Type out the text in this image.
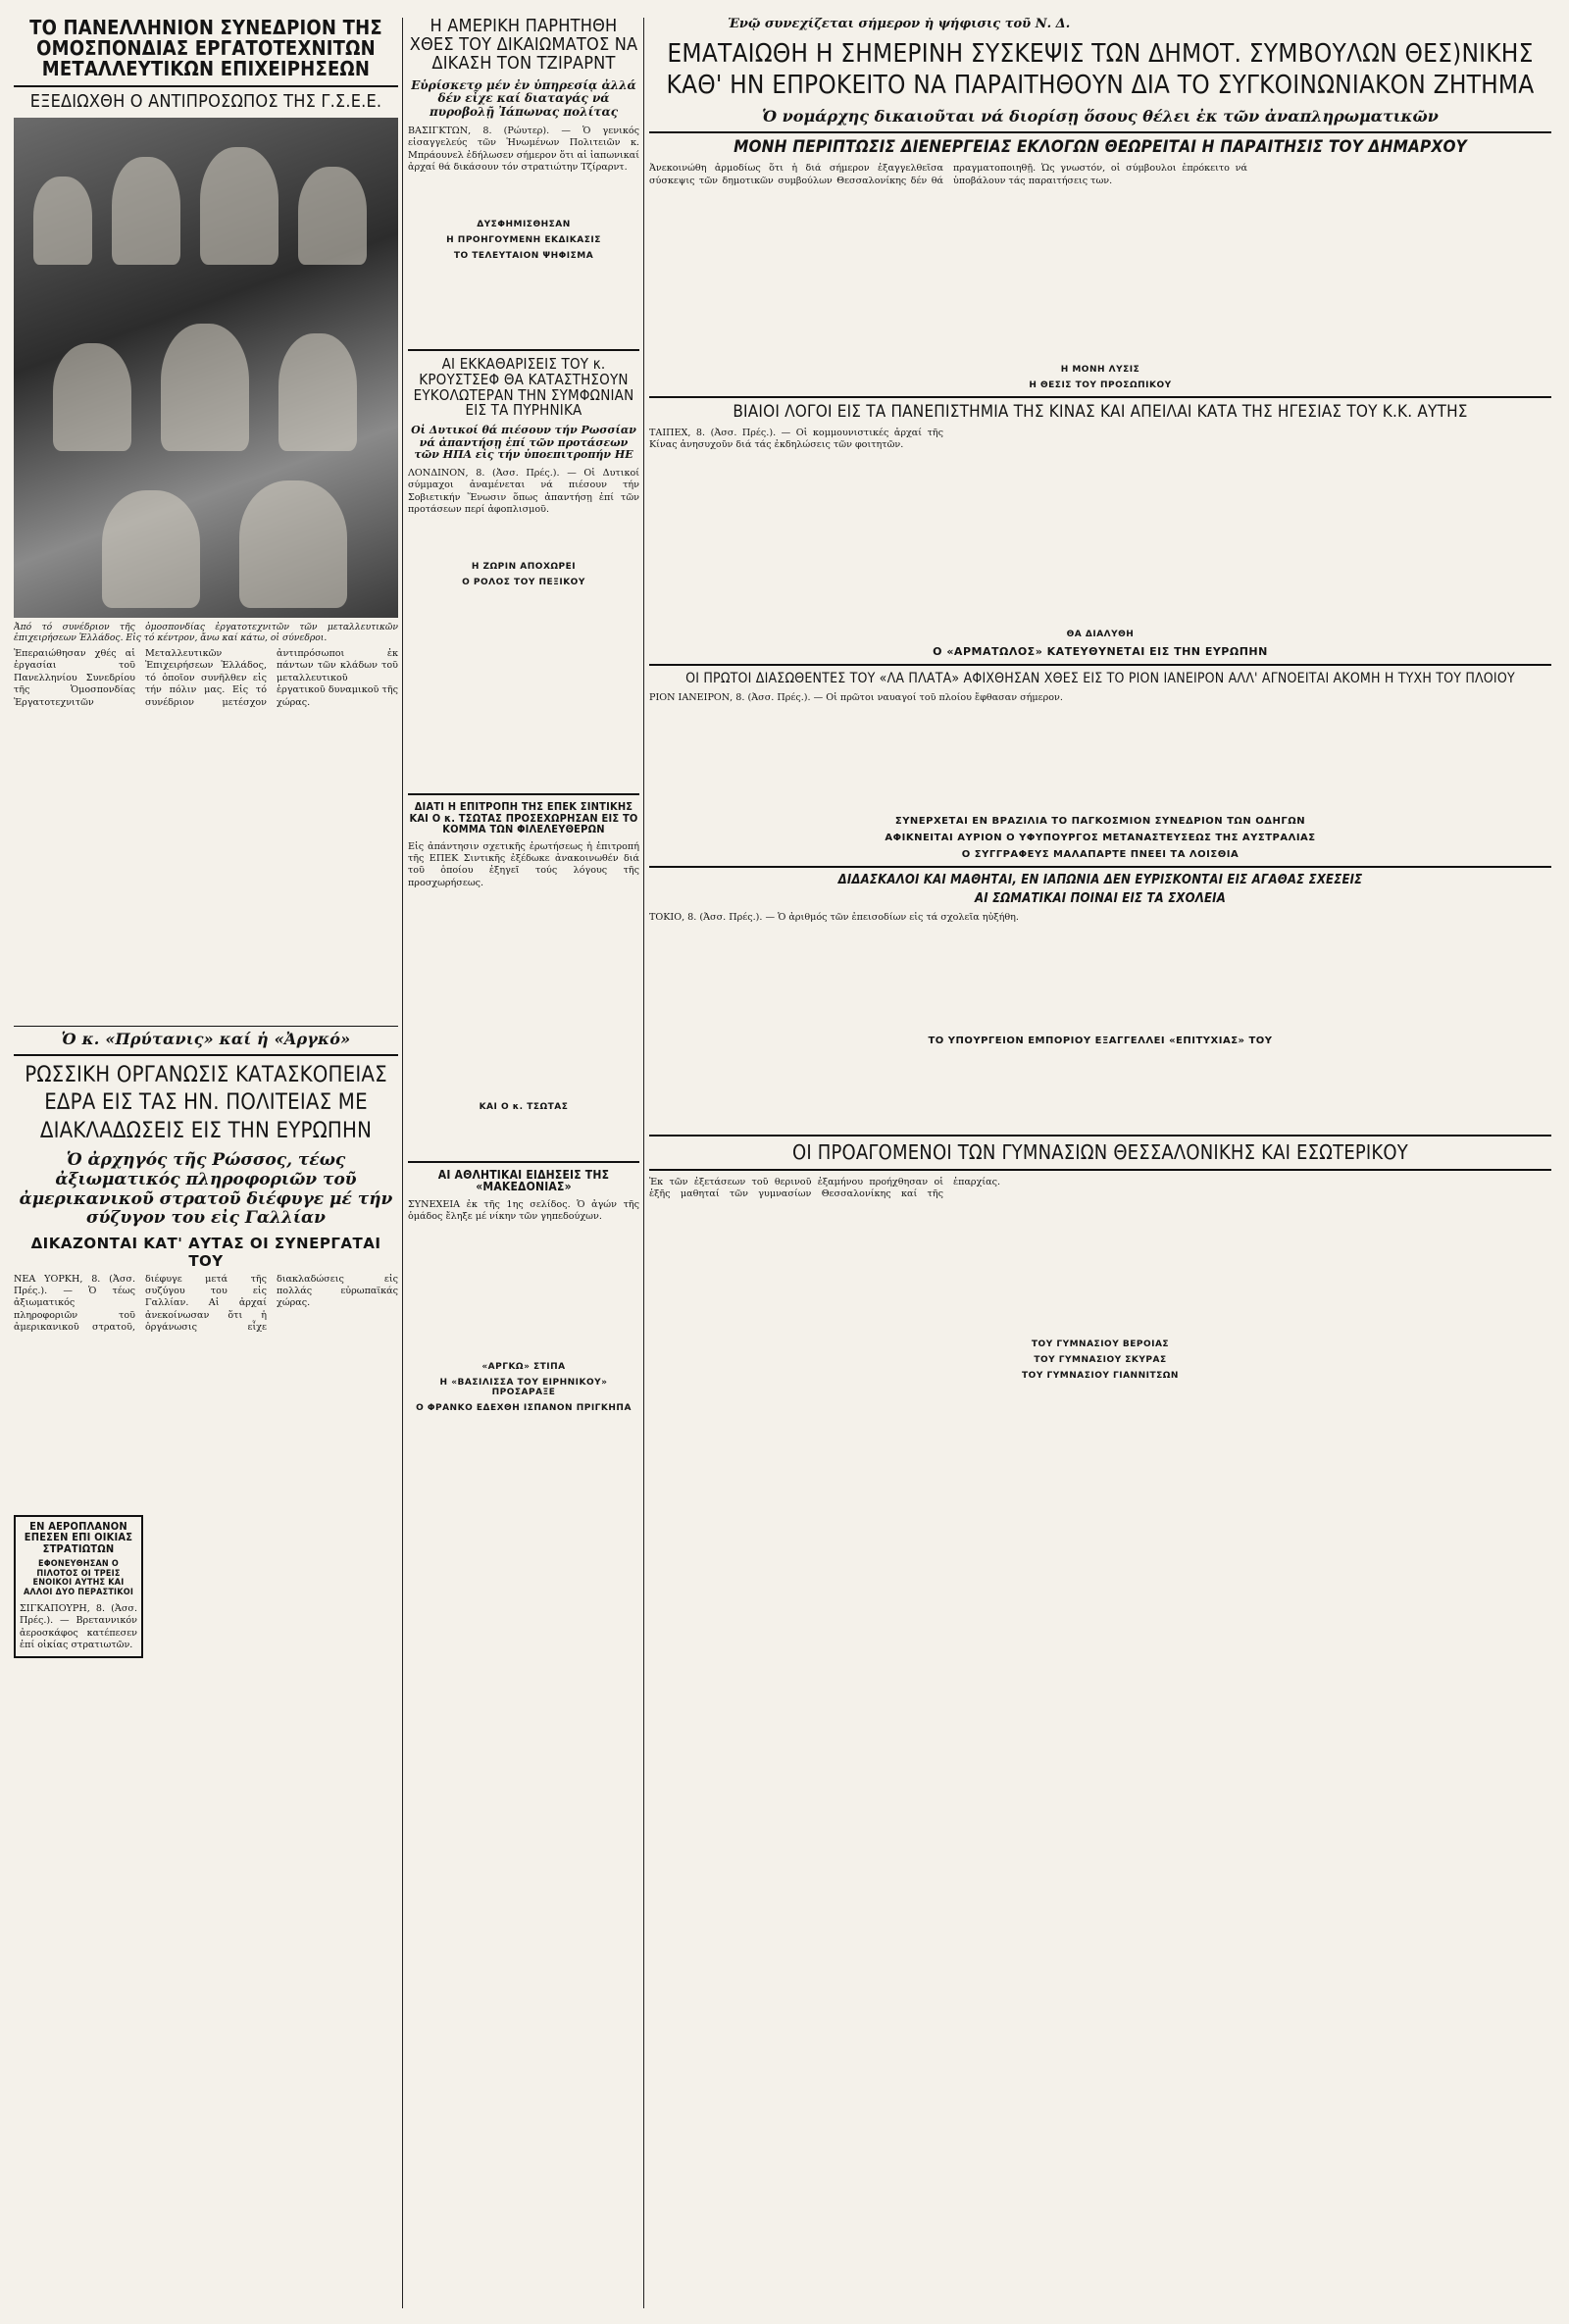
ΤΟ ΠΑΝΕΛΛΗΝΙΟΝ ΣΥΝΕΔΡΙΟΝ ΤΗΣ ΟΜΟΣΠΟΝΔΙΑΣ ΕΡΓΑΤΟΤΕΧΝΙΤΩΝ ΜΕΤΑΛΛΕΥΤΙΚΩΝ ΕΠΙΧΕΙΡΗΣΕΩΝ
ΕΞΕΔΙΩΧΘΗ Ο ΑΝΤΙΠΡΟΣΩΠΟΣ ΤΗΣ Γ.Σ.Ε.Ε.

Ἀπό τό συνέδριον τῆς ὁμοσπονδίας ἐργατοτεχνιτῶν τῶν μεταλλευτικῶν ἐπιχειρήσεων Ἑλλάδος. Εἰς τό κέντρον, ἄνω καί κάτω, οἱ σύνεδροι.

Ἐπεραιώθησαν χθές αἱ ἐργασίαι τοῦ Πανελληνίου Συνεδρίου τῆς Ὁμοσπονδίας Ἐργατοτεχνιτῶν Μεταλλευτικῶν Ἐπιχειρήσεων Ἑλλάδος, τό ὁποῖον συνῆλθεν εἰς τήν πόλιν μας. Εἰς τό συνέδριον μετέσχον ἀντιπρόσωποι ἐκ πάντων τῶν κλάδων τοῦ μεταλλευτικοῦ ἐργατικοῦ δυναμικοῦ τῆς χώρας.

Ὁ κ. «Πρύτανις» καί ἡ «Ἀργκό»
ΡΩΣΣΙΚΗ ΟΡΓΑΝΩΣΙΣ ΚΑΤΑΣΚΟΠΕΙΑΣ ΕΔΡΑ ΕΙΣ ΤΑΣ ΗΝ. ΠΟΛΙΤΕΙΑΣ ΜΕ ΔΙΑΚΛΑΔΩΣΕΙΣ ΕΙΣ ΤΗΝ ΕΥΡΩΠΗΝ
Ὁ ἀρχηγός τῆς Ρώσσος, τέως ἀξιωματικός πληροφοριῶν τοῦ ἀμερικανικοῦ στρατοῦ διέφυγε μέ τήν σύζυγον του εἰς Γαλλίαν
ΔΙΚΑΖΟΝΤΑΙ ΚΑΤ' ΑΥΤΑΣ ΟΙ ΣΥΝΕΡΓΑΤΑΙ ΤΟΥ

ΝΕΑ ΥΟΡΚΗ, 8. (Ἀσσ. Πρές.). — Ὁ τέως ἀξιωματικός πληροφοριῶν τοῦ ἀμερικανικοῦ στρατοῦ, διέφυγε μετά τῆς συζύγου του εἰς Γαλλίαν. Αἱ ἀρχαί ἀνεκοίνωσαν ὅτι ἡ ὀργάνωσις εἶχε διακλαδώσεις εἰς πολλάς εὐρωπαϊκάς χώρας.

ΕΝ ΑΕΡΟΠΛΑΝΟΝ ΕΠΕΣΕΝ ΕΠΙ ΟΙΚΙΑΣ ΣΤΡΑΤΙΩΤΩΝ
ΕΦΟΝΕΥΘΗΣΑΝ Ο ΠΙΛΟΤΟΣ ΟΙ ΤΡΕΙΣ ΕΝΟΙΚΟΙ ΑΥΤΗΣ ΚΑΙ ΑΛΛΟΙ ΔΥΟ ΠΕΡΑΣΤΙΚΟΙ

ΣΙΓΚΑΠΟΥΡΗ, 8. (Ἀσσ. Πρές.). — Βρεταννικόν ἀεροσκάφος κατέπεσεν ἐπί οἰκίας στρατιωτῶν.

Η ΑΜΕΡΙΚΗ ΠΑΡΗΤΗΘΗ ΧΘΕΣ ΤΟΥ ΔΙΚΑΙΩΜΑΤΟΣ ΝΑ ΔΙΚΑΣΗ ΤΟΝ ΤΖΙΡΑΡΝΤ
Εὑρίσκετο μέν ἐν ὑπηρεσίᾳ ἀλλά δέν εἶχε καί διαταγάς νά πυροβολῇ Ἰάπωνας πολίτας

ΒΑΣΙΓΚΤΩΝ, 8. (Ρώυτερ). — Ὁ γενικός εἰσαγγελεύς τῶν Ἡνωμένων Πολιτειῶν κ. Μπράουνελ ἐδήλωσεν σήμερον ὅτι αἱ ἰαπωνικαί ἀρχαί θά δικάσουν τόν στρατιώτην Τζίραρντ.

ΔΥΣΦΗΜΙΣΘΗΣΑΝ
Η ΠΡΟΗΓΟΥΜΕΝΗ ΕΚΔΙΚΑΣΙΣ
ΤΟ ΤΕΛΕΥΤΑΙΟΝ ΨΗΦΙΣΜΑ
ΑΙ ΕΚΚΑΘΑΡΙΣΕΙΣ ΤΟΥ κ. ΚΡΟΥΣΤΣΕΦ ΘΑ ΚΑΤΑΣΤΗΣΟΥΝ ΕΥΚΟΛΩΤΕΡΑΝ ΤΗΝ ΣΥΜΦΩΝΙΑΝ ΕΙΣ ΤΑ ΠΥΡΗΝΙΚΑ
Οἱ Δυτικοί θά πιέσουν τήν Ρωσσίαν νά ἀπαντήσῃ ἐπί τῶν προτάσεων τῶν ΗΠΑ εἰς τήν ὑποεπιτροπήν ΗΕ

ΛΟΝΔΙΝΟΝ, 8. (Ἀσσ. Πρές.). — Οἱ Δυτικοί σύμμαχοι ἀναμένεται νά πιέσουν τήν Σοβιετικήν Ἕνωσιν ὅπως ἀπαντήσῃ ἐπί τῶν προτάσεων περί ἀφοπλισμοῦ.

Η ΖΩΡΙΝ ΑΠΟΧΩΡΕΙ
Ο ΡΟΛΟΣ ΤΟΥ ΠΕΞΙΚΟΥ
ΔΙΑΤΙ Η ΕΠΙΤΡΟΠΗ ΤΗΣ ΕΠΕΚ ΣΙΝΤΙΚΗΣ ΚΑΙ Ο κ. ΤΣΩΤΑΣ ΠΡΟΣΕΧΩΡΗΣΑΝ ΕΙΣ ΤΟ ΚΟΜΜΑ ΤΩΝ ΦΙΛΕΛΕΥΘΕΡΩΝ

Εἰς ἀπάντησιν σχετικῆς ἐρωτήσεως ἡ ἐπιτροπή τῆς ΕΠΕΚ Σιντικῆς ἐξέδωκε ἀνακοινωθέν διά τοῦ ὁποίου ἐξηγεῖ τούς λόγους τῆς προσχωρήσεως.

ΚΑΙ Ο κ. ΤΣΩΤΑΣ
ΑΙ ΑΘΛΗΤΙΚΑΙ ΕΙΔΗΣΕΙΣ ΤΗΣ «ΜΑΚΕΔΟΝΙΑΣ»

ΣΥΝΕΧΕΙΑ ἐκ τῆς 1ης σελίδος. Ὁ ἀγών τῆς ὁμάδος ἔληξε μέ νίκην τῶν γηπεδούχων.

«ΑΡΓΚΩ» ΣΤΙΠΑ
Η «ΒΑΣΙΛΙΣΣΑ ΤΟΥ ΕΙΡΗΝΙΚΟΥ» ΠΡΟΣΑΡΑΞΕ
Ο ΦΡΑΝΚΟ ΕΔΕΧΘΗ ΙΣΠΑΝΟΝ ΠΡΙΓΚΗΠΑ
Ἐνῷ συνεχίζεται σήμερον ἡ ψήφισις τοῦ Ν. Δ.
ΕΜΑΤΑΙΩΘΗ Η ΣΗΜΕΡΙΝΗ ΣΥΣΚΕΨΙΣ ΤΩΝ ΔΗΜΟΤ. ΣΥΜΒΟΥΛΩΝ ΘΕΣ)ΝΙΚΗΣ ΚΑΘ' ΗΝ ΕΠΡΟΚΕΙΤΟ ΝΑ ΠΑΡΑΙΤΗΘΟΥΝ ΔΙΑ ΤΟ ΣΥΓΚΟΙΝΩΝΙΑΚΟΝ ΖΗΤΗΜΑ
Ὁ νομάρχης δικαιοῦται νά διορίσῃ ὅσους θέλει ἐκ τῶν ἀναπληρωματικῶν
ΜΟΝΗ ΠΕΡΙΠΤΩΣΙΣ ΔΙΕΝΕΡΓΕΙΑΣ ΕΚΛΟΓΩΝ ΘΕΩΡΕΙΤΑΙ Η ΠΑΡΑΙΤΗΣΙΣ ΤΟΥ ΔΗΜΑΡΧΟΥ

Ἀνεκοινώθη ἀρμοδίως ὅτι ἡ διά σήμερον ἐξαγγελθεῖσα σύσκεψις τῶν δημοτικῶν συμβούλων Θεσσαλονίκης δέν θά πραγματοποιηθῇ. Ὡς γνωστόν, οἱ σύμβουλοι ἐπρόκειτο νά ὑποβάλουν τάς παραιτήσεις των.

Η ΜΟΝΗ ΛΥΣΙΣ
Η ΘΕΣΙΣ ΤΟΥ ΠΡΟΣΩΠΙΚΟΥ
ΒΙΑΙΟΙ ΛΟΓΟΙ ΕΙΣ ΤΑ ΠΑΝΕΠΙΣΤΗΜΙΑ ΤΗΣ ΚΙΝΑΣ ΚΑΙ ΑΠΕΙΛΑΙ ΚΑΤΑ ΤΗΣ ΗΓΕΣΙΑΣ ΤΟΥ Κ.Κ. ΑΥΤΗΣ

ΤΑΙΠΕΧ, 8. (Ἀσσ. Πρές.). — Οἱ κομμουνιστικές ἀρχαί τῆς Κίνας ἀνησυχοῦν διά τάς ἐκδηλώσεις τῶν φοιτητῶν.

ΘΑ ΔΙΑΛΥΘΗ
Ο «ΑΡΜΑΤΩΛΟΣ» ΚΑΤΕΥΘΥΝΕΤΑΙ ΕΙΣ ΤΗΝ ΕΥΡΩΠΗΝ
ΟΙ ΠΡΩΤΟΙ ΔΙΑΣΩΘΕΝΤΕΣ ΤΟΥ «ΛΑ ΠΛΑΤΑ» ΑΦΙΧΘΗΣΑΝ ΧΘΕΣ ΕΙΣ ΤΟ ΡΙΟΝ ΙΑΝΕΙΡΟΝ ΑΛΛ' ΑΓΝΟΕΙΤΑΙ ΑΚΟΜΗ Η ΤΥΧΗ ΤΟΥ ΠΛΟΙΟΥ

ΡΙΟΝ ΙΑΝΕΙΡΟΝ, 8. (Ἀσσ. Πρές.). — Οἱ πρῶτοι ναυαγοί τοῦ πλοίου ἔφθασαν σήμερον.

ΣΥΝΕΡΧΕΤΑΙ ΕΝ ΒΡΑΖΙΛΙΑ ΤΟ ΠΑΓΚΟΣΜΙΟΝ ΣΥΝΕΔΡΙΟΝ ΤΩΝ ΟΔΗΓΩΝ
ΑΦΙΚΝΕΙΤΑΙ ΑΥΡΙΟΝ Ο ΥΦΥΠΟΥΡΓΟΣ ΜΕΤΑΝΑΣΤΕΥΣΕΩΣ ΤΗΣ ΑΥΣΤΡΑΛΙΑΣ
Ο ΣΥΓΓΡΑΦΕΥΣ ΜΑΛΑΠΑΡΤΕ ΠΝΕΕΙ ΤΑ ΛΟΙΣΘΙΑ
ΔΙΔΑΣΚΑΛΟΙ ΚΑΙ ΜΑΘΗΤΑΙ, ΕΝ ΙΑΠΩΝΙΑ ΔΕΝ ΕΥΡΙΣΚΟΝΤΑΙ ΕΙΣ ΑΓΑΘΑΣ ΣΧΕΣΕΙΣ
ΑΙ ΣΩΜΑΤΙΚΑΙ ΠΟΙΝΑΙ ΕΙΣ ΤΑ ΣΧΟΛΕΙΑ

ΤΟΚΙΟ, 8. (Ἀσσ. Πρές.). — Ὁ ἀριθμός τῶν ἐπεισοδίων εἰς τά σχολεῖα ηὐξήθη.

ΤΟ ΥΠΟΥΡΓΕΙΟΝ ΕΜΠΟΡΙΟΥ ΕΞΑΓΓΕΛΛΕΙ «ΕΠΙΤΥΧΙΑΣ» ΤΟΥ
ΟΙ ΠΡΟΑΓΟΜΕΝΟΙ ΤΩΝ ΓΥΜΝΑΣΙΩΝ ΘΕΣΣΑΛΟΝΙΚΗΣ ΚΑΙ ΕΣΩΤΕΡΙΚΟΥ

Ἐκ τῶν ἐξετάσεων τοῦ θερινοῦ ἐξαμήνου προήχθησαν οἱ ἑξῆς μαθηταί τῶν γυμνασίων Θεσσαλονίκης καί τῆς ἐπαρχίας.

ΤΟΥ ΓΥΜΝΑΣΙΟΥ ΒΕΡΟΙΑΣ
ΤΟΥ ΓΥΜΝΑΣΙΟΥ ΣΚΥΡΑΣ
ΤΟΥ ΓΥΜΝΑΣΙΟΥ ΓΙΑΝΝΙΤΣΩΝ
